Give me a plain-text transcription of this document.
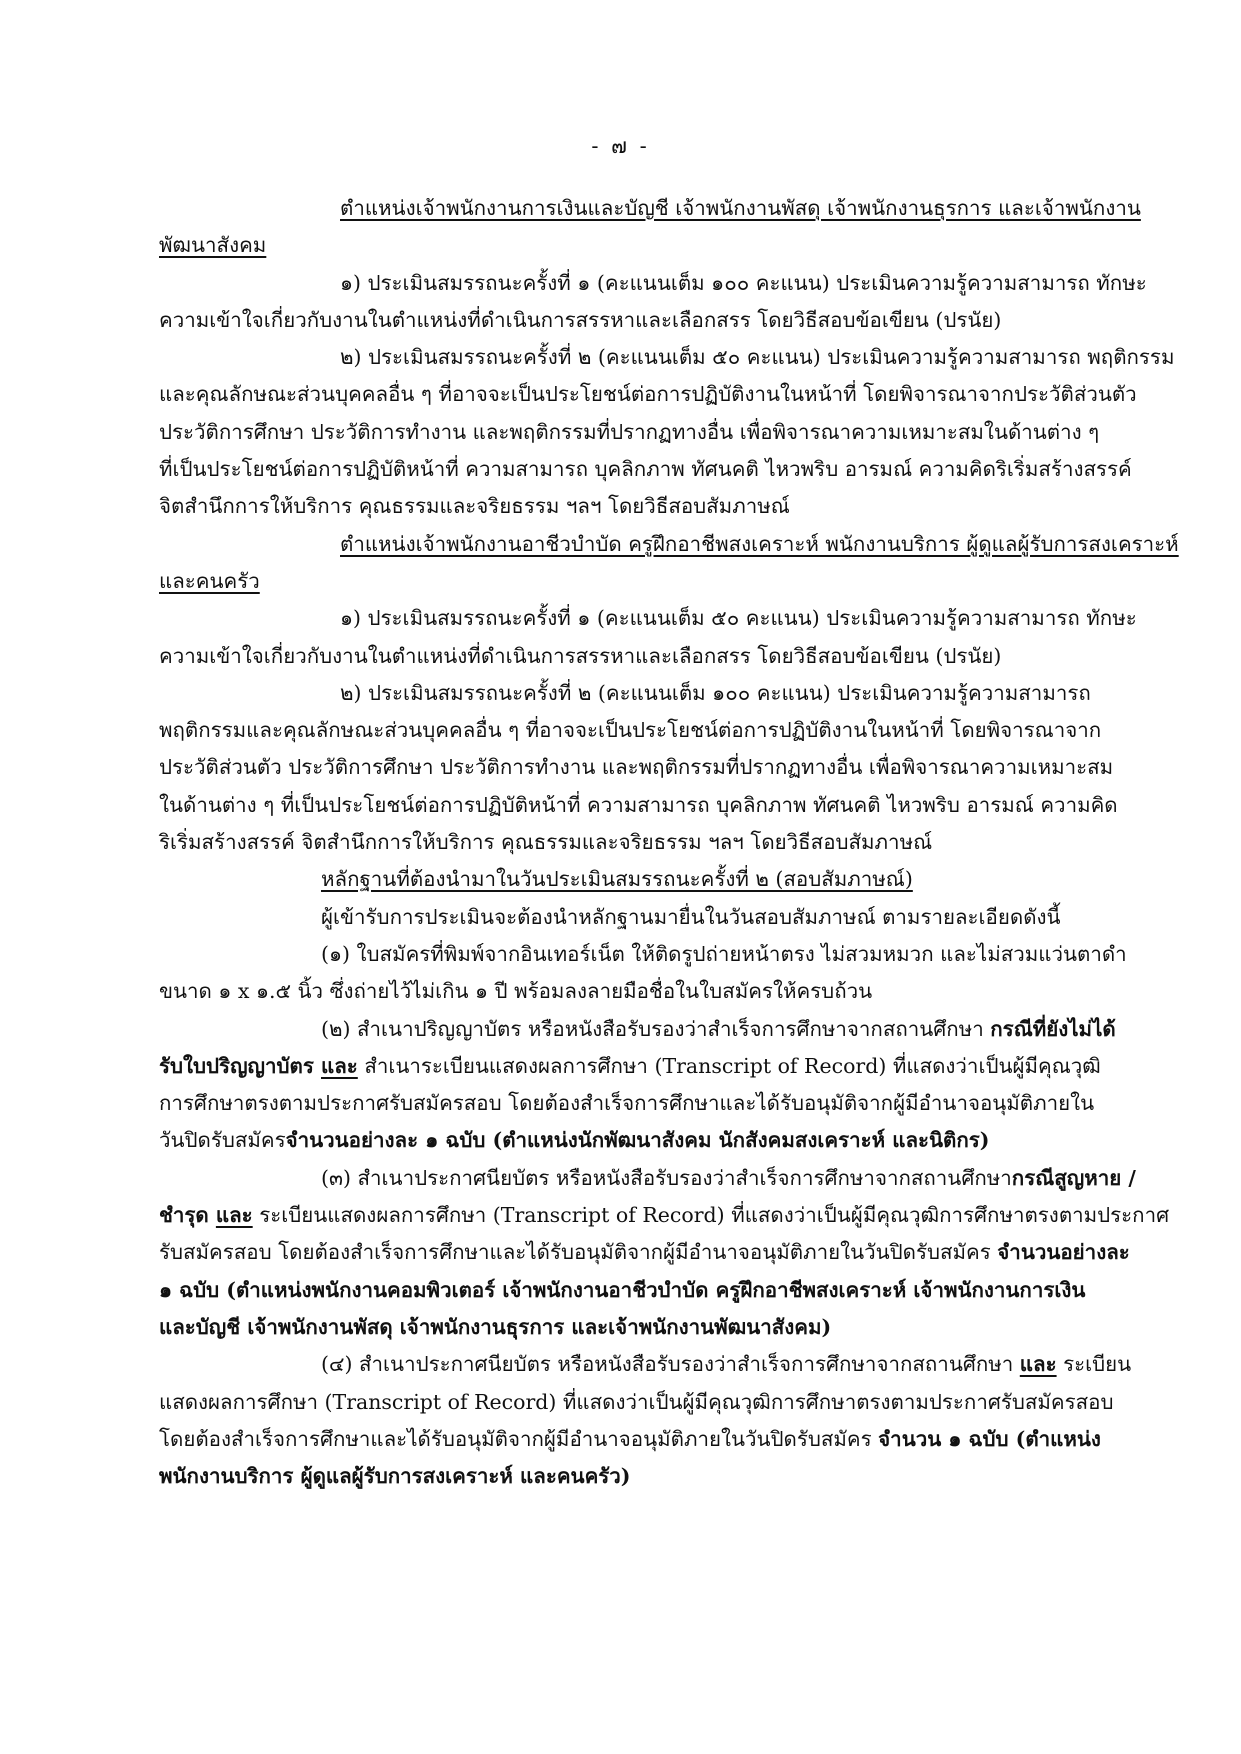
- ๗ -
ตำแหน่งเจ้าพนักงานการเงินและบัญชี เจ้าพนักงานพัสดุ เจ้าพนักงานธุรการ และเจ้าพนักงาน
พัฒนาสังคม
๑) ประเมินสมรรถนะครั้งที่ ๑ (คะแนนเต็ม ๑๐๐ คะแนน) ประเมินความรู้ความสามารถ ทักษะ
ความเข้าใจเกี่ยวกับงานในตำแหน่งที่ดำเนินการสรรหาและเลือกสรร โดยวิธีสอบข้อเขียน (ปรนัย)
๒) ประเมินสมรรถนะครั้งที่ ๒ (คะแนนเต็ม ๕๐ คะแนน) ประเมินความรู้ความสามารถ พฤติกรรม
และคุณลักษณะส่วนบุคคลอื่น ๆ ที่อาจจะเป็นประโยชน์ต่อการปฏิบัติงานในหน้าที่ โดยพิจารณาจากประวัติส่วนตัว
ประวัติการศึกษา ประวัติการทำงาน และพฤติกรรมที่ปรากฏทางอื่น เพื่อพิจารณาความเหมาะสมในด้านต่าง ๆ
ที่เป็นประโยชน์ต่อการปฏิบัติหน้าที่ ความสามารถ บุคลิกภาพ ทัศนคติ ไหวพริบ อารมณ์ ความคิดริเริ่มสร้างสรรค์
จิตสำนึกการให้บริการ คุณธรรมและจริยธรรม ฯลฯ โดยวิธีสอบสัมภาษณ์
ตำแหน่งเจ้าพนักงานอาชีวบำบัด ครูฝึกอาชีพสงเคราะห์ พนักงานบริการ ผู้ดูแลผู้รับการสงเคราะห์
และคนครัว
๑) ประเมินสมรรถนะครั้งที่ ๑ (คะแนนเต็ม ๕๐ คะแนน) ประเมินความรู้ความสามารถ ทักษะ
ความเข้าใจเกี่ยวกับงานในตำแหน่งที่ดำเนินการสรรหาและเลือกสรร โดยวิธีสอบข้อเขียน (ปรนัย)
๒) ประเมินสมรรถนะครั้งที่ ๒ (คะแนนเต็ม ๑๐๐ คะแนน) ประเมินความรู้ความสามารถ
พฤติกรรมและคุณลักษณะส่วนบุคคลอื่น ๆ ที่อาจจะเป็นประโยชน์ต่อการปฏิบัติงานในหน้าที่ โดยพิจารณาจาก
ประวัติส่วนตัว ประวัติการศึกษา ประวัติการทำงาน และพฤติกรรมที่ปรากฏทางอื่น เพื่อพิจารณาความเหมาะสม
ในด้านต่าง ๆ ที่เป็นประโยชน์ต่อการปฏิบัติหน้าที่ ความสามารถ บุคลิกภาพ ทัศนคติ ไหวพริบ อารมณ์ ความคิด
ริเริ่มสร้างสรรค์ จิตสำนึกการให้บริการ คุณธรรมและจริยธรรม ฯลฯ โดยวิธีสอบสัมภาษณ์
หลักฐานที่ต้องนำมาในวันประเมินสมรรถนะครั้งที่ ๒ (สอบสัมภาษณ์)
ผู้เข้ารับการประเมินจะต้องนำหลักฐานมายื่นในวันสอบสัมภาษณ์ ตามรายละเอียดดังนี้
(๑) ใบสมัครที่พิมพ์จากอินเทอร์เน็ต ให้ติดรูปถ่ายหน้าตรง ไม่สวมหมวก และไม่สวมแว่นตาดำ
ขนาด ๑ x ๑.๕ นิ้ว ซึ่งถ่ายไว้ไม่เกิน ๑ ปี พร้อมลงลายมือชื่อในใบสมัครให้ครบถ้วน
(๒) สำเนาปริญญาบัตร หรือหนังสือรับรองว่าสำเร็จการศึกษาจากสถานศึกษา กรณีที่ยังไม่ได้
รับใบปริญญาบัตร และ สำเนาระเบียนแสดงผลการศึกษา (Transcript of Record) ที่แสดงว่าเป็นผู้มีคุณวุฒิ
การศึกษาตรงตามประกาศรับสมัครสอบ โดยต้องสำเร็จการศึกษาและได้รับอนุมัติจากผู้มีอำนาจอนุมัติภายใน
วันปิดรับสมัครจำนวนอย่างละ ๑ ฉบับ (ตำแหน่งนักพัฒนาสังคม นักสังคมสงเคราะห์ และนิติกร)
(๓) สำเนาประกาศนียบัตร หรือหนังสือรับรองว่าสำเร็จการศึกษาจากสถานศึกษากรณีสูญหาย /
ชำรุด และ ระเบียนแสดงผลการศึกษา (Transcript of Record) ที่แสดงว่าเป็นผู้มีคุณวุฒิการศึกษาตรงตามประกาศ
รับสมัครสอบ โดยต้องสำเร็จการศึกษาและได้รับอนุมัติจากผู้มีอำนาจอนุมัติภายในวันปิดรับสมัคร จำนวนอย่างละ
๑ ฉบับ (ตำแหน่งพนักงานคอมพิวเตอร์ เจ้าพนักงานอาชีวบำบัด ครูฝึกอาชีพสงเคราะห์ เจ้าพนักงานการเงิน
และบัญชี เจ้าพนักงานพัสดุ เจ้าพนักงานธุรการ และเจ้าพนักงานพัฒนาสังคม)
(๔) สำเนาประกาศนียบัตร หรือหนังสือรับรองว่าสำเร็จการศึกษาจากสถานศึกษา และ ระเบียน
แสดงผลการศึกษา (Transcript of Record) ที่แสดงว่าเป็นผู้มีคุณวุฒิการศึกษาตรงตามประกาศรับสมัครสอบ
โดยต้องสำเร็จการศึกษาและได้รับอนุมัติจากผู้มีอำนาจอนุมัติภายในวันปิดรับสมัคร จำนวน ๑ ฉบับ (ตำแหน่ง
พนักงานบริการ ผู้ดูแลผู้รับการสงเคราะห์ และคนครัว)
